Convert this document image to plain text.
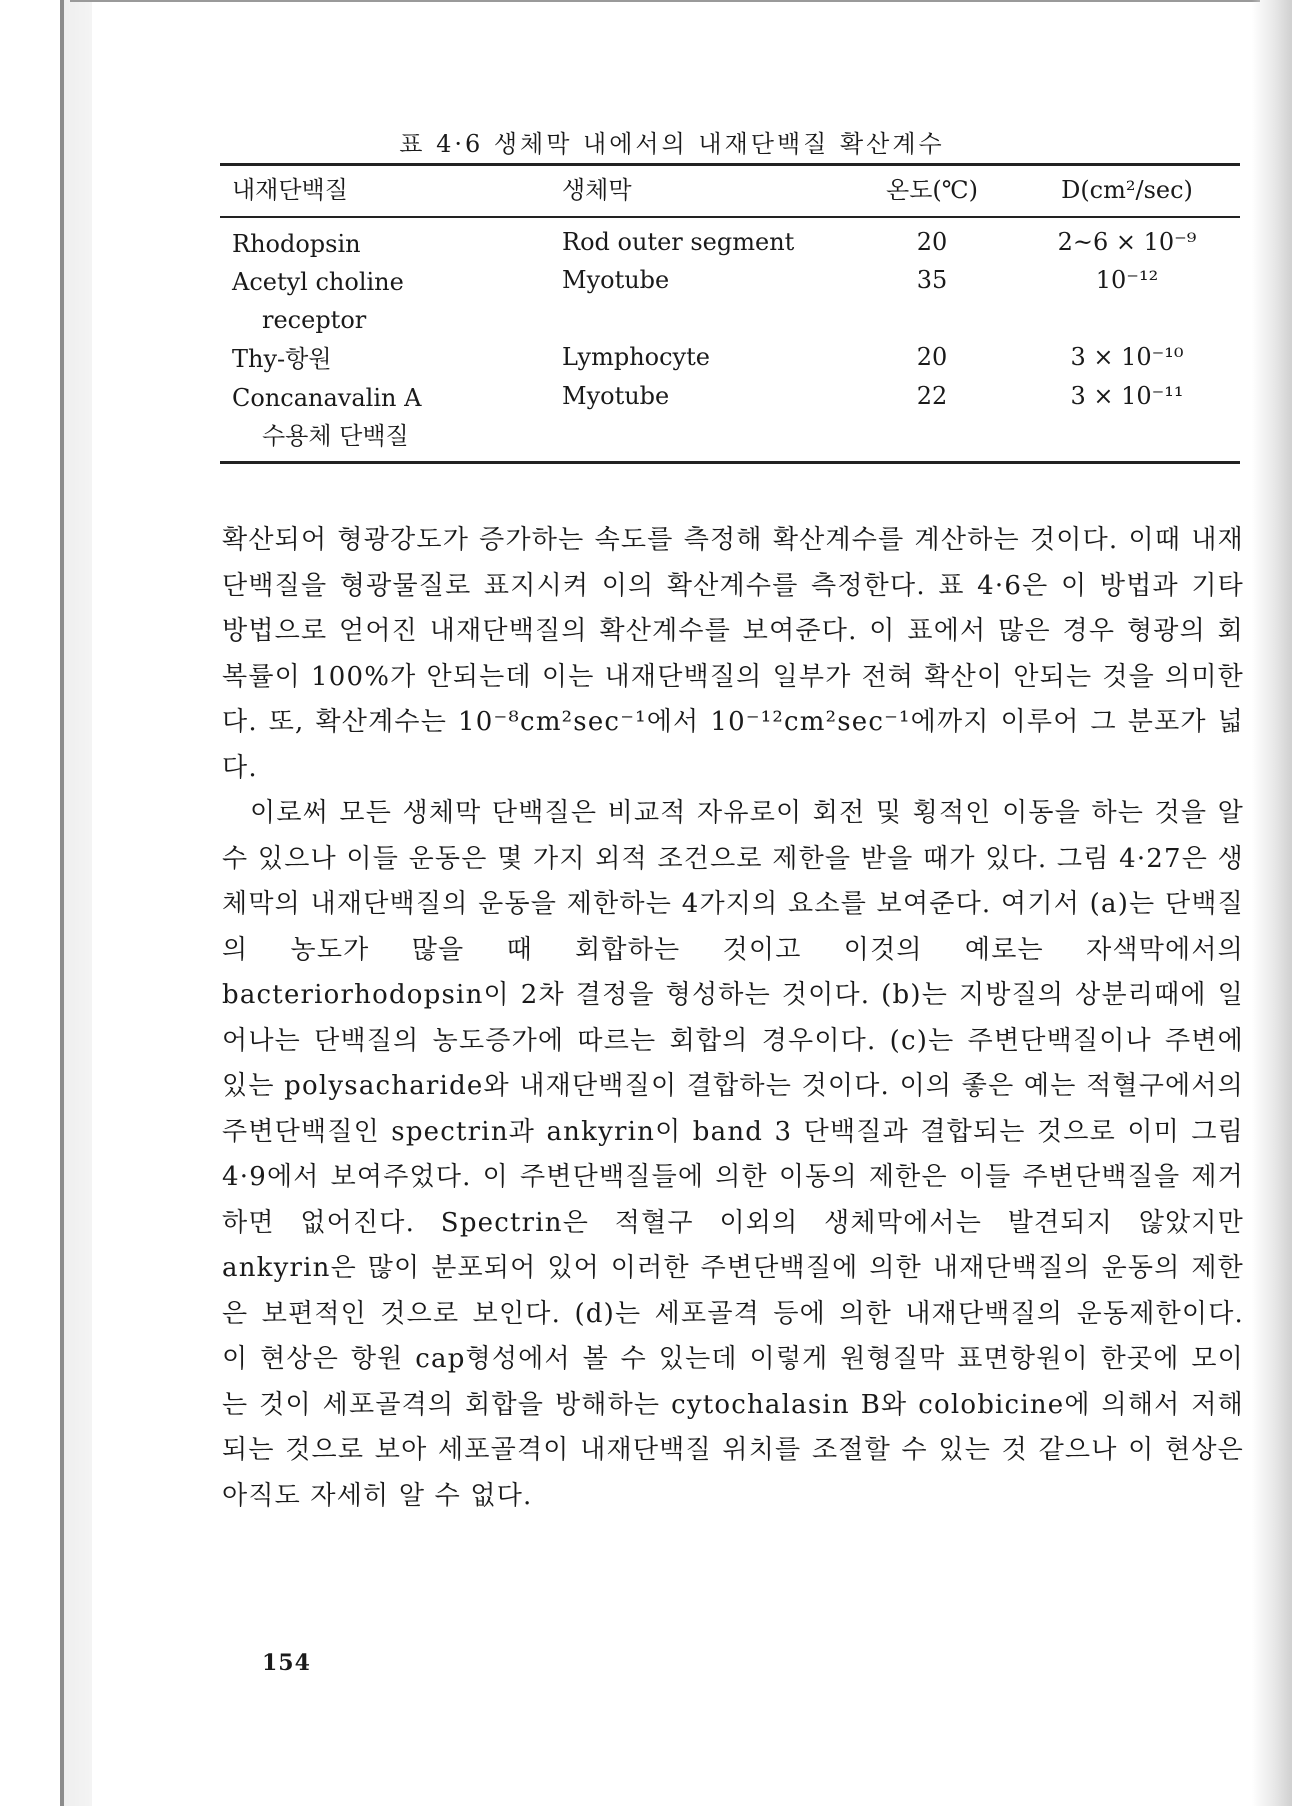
표 4·6 생체막 내에서의 내재단백질 확산계수
내재단백질	생체막	온도(℃)	D(cm²/sec)
Rhodopsin	Rod outer segment	20	2~6 × 10⁻⁹
Acetyl choline
receptor
Myotube	35	10⁻¹²
Thy-항원	Lymphocyte	20	3 × 10⁻¹⁰
Concanavalin A
수용체 단백질
Myotube	22	3 × 10⁻¹¹

확산되어 형광강도가 증가하는 속도를 측정해 확산계수를 계산하는 것이다. 이때 내재단백질을 형광물질로 표지시켜 이의 확산계수를 측정한다. 표 4·6은 이 방법과 기타 방법으로 얻어진 내재단백질의 확산계수를 보여준다. 이 표에서 많은 경우 형광의 회복률이 100%가 안되는데 이는 내재단백질의 일부가 전혀 확산이 안되는 것을 의미한다. 또, 확산계수는 10⁻⁸cm²sec⁻¹에서 10⁻¹²cm²sec⁻¹에까지 이루어 그 분포가 넓다.

이로써 모든 생체막 단백질은 비교적 자유로이 회전 및 횡적인 이동을 하는 것을 알 수 있으나 이들 운동은 몇 가지 외적 조건으로 제한을 받을 때가 있다. 그림 4·27은 생체막의 내재단백질의 운동을 제한하는 4가지의 요소를 보여준다. 여기서 (a)는 단백질의 농도가 많을 때 회합하는 것이고 이것의 예로는 자색막에서의 bacteriorhodopsin이 2차 결정을 형성하는 것이다. (b)는 지방질의 상분리때에 일어나는 단백질의 농도증가에 따르는 회합의 경우이다. (c)는 주변단백질이나 주변에 있는 polysacharide와 내재단백질이 결합하는 것이다. 이의 좋은 예는 적혈구에서의 주변단백질인 spectrin과 ankyrin이 band 3 단백질과 결합되는 것으로 이미 그림 4·9에서 보여주었다. 이 주변단백질들에 의한 이동의 제한은 이들 주변단백질을 제거하면 없어진다. Spectrin은 적혈구 이외의 생체막에서는 발견되지 않았지만 ankyrin은 많이 분포되어 있어 이러한 주변단백질에 의한 내재단백질의 운동의 제한은 보편적인 것으로 보인다. (d)는 세포골격 등에 의한 내재단백질의 운동제한이다. 이 현상은 항원 cap형성에서 볼 수 있는데 이렇게 원형질막 표면항원이 한곳에 모이는 것이 세포골격의 회합을 방해하는 cytochalasin B와 colobicine에 의해서 저해되는 것으로 보아 세포골격이 내재단백질 위치를 조절할 수 있는 것 같으나 이 현상은 아직도 자세히 알 수 없다.

154
